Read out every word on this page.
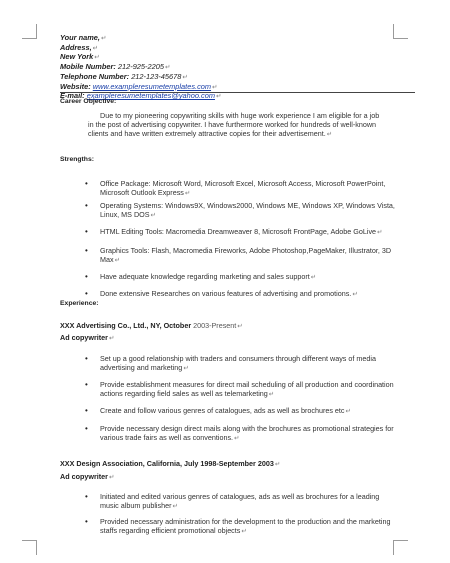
Your name,↵
Address,↵
New York↵
Mobile Number: 212-925-2205↵
Telephone Number: 212-123-45678↵
Website: www.exampleresumetemplates.com↵
E-mail: exampleresumetemplates@yahoo.com↵
Career Objective:
Due to my pioneering copywriting skills with huge work experience I am eligible for a job in the post of advertising copywriter. I have furthermore worked for hundreds of well-known clients and have written extremely attractive copies for their advertisement.↵
Strengths:
• Office Package: Microsoft Word, Microsoft Excel, Microsoft Access, Microsoft PowerPoint, Microsoft Outlook Express↵
• Operating Systems: Windows9X, Windows2000, Windows ME, Windows XP, Windows Vista, Linux, MS DOS↵
• HTML Editing Tools: Macromedia Dreamweaver 8, Microsoft FrontPage, Adobe GoLive↵
• Graphics Tools: Flash, Macromedia Fireworks, Adobe Photoshop,PageMaker, Illustrator, 3D Max↵
• Have adequate knowledge regarding marketing and sales support↵
• Done extensive Researches on various features of advertising and promotions.↵
Experience:
XXX Advertising Co., Ltd., NY, October 2003-Present↵
Ad copywriter↵
• Set up a good relationship with traders and consumers through different ways of media advertising and marketing↵
• Provide establishment measures for direct mail scheduling of all production and coordination actions regarding field sales as well as telemarketing↵
• Create and follow various genres of catalogues, ads as well as brochures etc↵
• Provide necessary design direct mails along with the brochures as promotional strategies for various trade fairs as well as conventions.↵
XXX Design Association, California, July 1998-September 2003↵
Ad copywriter↵
• Initiated and edited various genres of catalogues, ads as well as brochures for a leading music album publisher↵
• Provided necessary administration for the development to the production and the marketing staffs regarding efficient promotional objects↵
